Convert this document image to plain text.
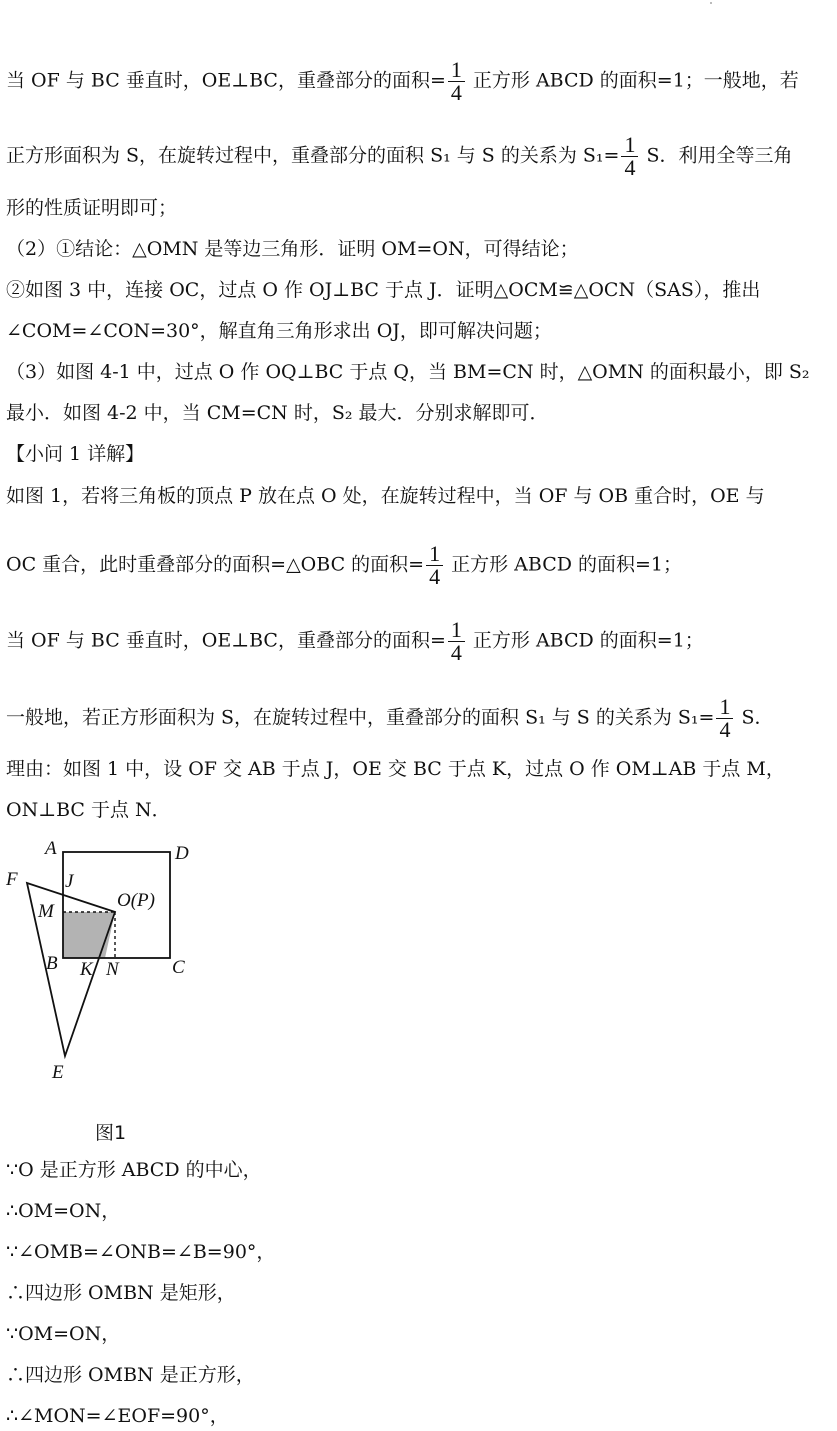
当 OF 与 BC 垂直时，OE⊥BC，重叠部分的面积= $\frac{1}{4}$ 正方形 ABCD 的面积=1；一般地，若
正方形面积为 S，在旋转过程中，重叠部分的面积 S₁ 与 S 的关系为 $S_1= \frac{1}{4}$ S．利用全等三角
形的性质证明即可；
（2）①结论：△OMN 是等边三角形．证明 OM=ON，可得结论；
②如图 3 中，连接 OC，过点 O 作 OJ⊥BC 于点 J．证明△OCM≌△OCN（SAS），推出
∠COM=∠CON=30°，解直角三角形求出 OJ，即可解决问题；
（3）如图 4-1 中，过点 O 作 OQ⊥BC 于点 Q，当 BM=CN 时，△OMN 的面积最小，即 S₂
最小．如图 4-2 中，当 CM=CN 时，S₂ 最大．分别求解即可．
【小问 1 详解】
如图 1，若将三角板的顶点 P 放在点 O 处，在旋转过程中，当 OF 与 OB 重合时，OE 与
OC 重合，此时重叠部分的面积=△OBC 的面积= $\frac{1}{4}$ 正方形 ABCD 的面积=1；
当 OF 与 BC 垂直时，OE⊥BC，重叠部分的面积= $\frac{1}{4}$ 正方形 ABCD 的面积=1；
一般地，若正方形面积为 S，在旋转过程中，重叠部分的面积 S₁ 与 S 的关系为 $S_1= \frac{1}{4}$ S．
理由：如图 1 中，设 OF 交 AB 于点 J，OE 交 BC 于点 K，过点 O 作 OM⊥AB 于点 M，
ON⊥BC 于点 N．
A	D
F J
O(P)
M
B K N	C
E
图1
∵O 是正方形 ABCD 的中心，
∴OM=ON，
∵∠OMB=∠ONB=∠B=90°，
∴四边形 OMBN 是矩形，
∵OM=ON，
∴四边形 OMBN 是正方形，
∴∠MON=∠EOF=90°，
